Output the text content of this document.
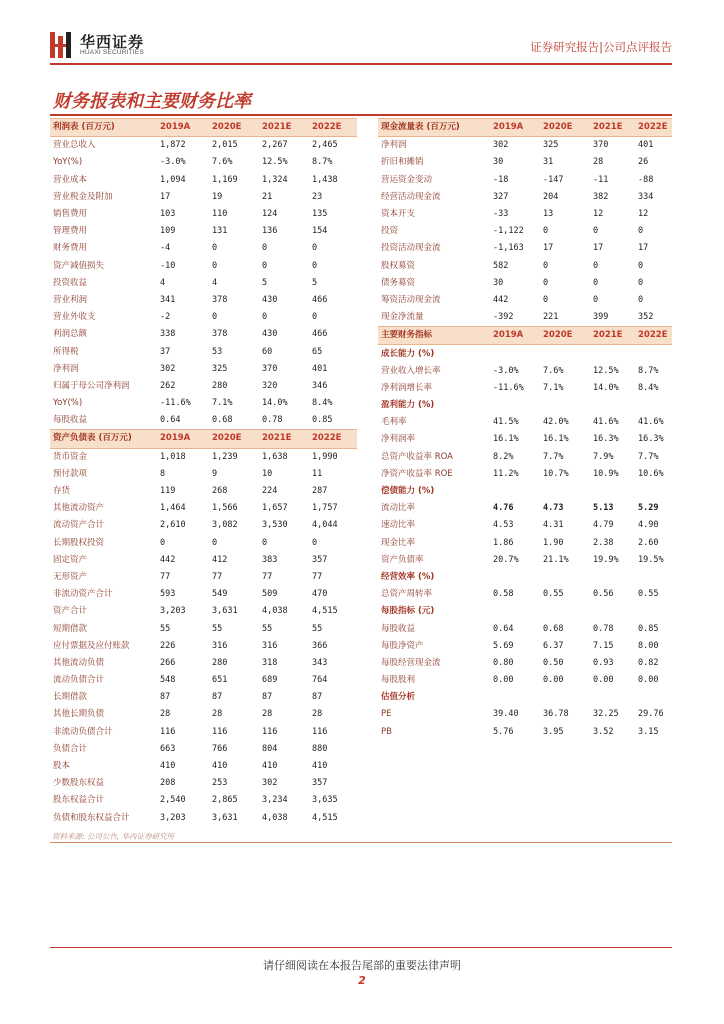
华西证券
HUAXI SECURITIES	证券研究报告|公司点评报告
财务报表和主要财务比率
利润表 (百万元)	2019A	2020E	2021E	2022E
营业总收入	1,872	2,015	2,267	2,465
YoY(%)	-3.0%	7.6%	12.5%	8.7%
营业成本	1,094	1,169	1,324	1,438
营业税金及附加	17	19	21	23
销售费用	103	110	124	135
管理费用	109	131	136	154
财务费用	-4	0	0	0
资产减值损失	-10	0	0	0
投资收益	4	4	5	5
营业利润	341	378	430	466
营业外收支	-2	0	0	0
利润总额	338	378	430	466
所得税	37	53	60	65
净利润	302	325	370	401
归属于母公司净利润	262	280	320	346
YoY(%)	-11.6%	7.1%	14.0%	8.4%
每股收益	0.64	0.68	0.78	0.85
资产负债表 (百万元)	2019A	2020E	2021E	2022E
货币资金	1,018	1,239	1,638	1,990
预付款项	8	9	10	11
存货	119	268	224	287
其他流动资产	1,464	1,566	1,657	1,757
流动资产合计	2,610	3,082	3,530	4,044
长期股权投资	0	0	0	0
固定资产	442	412	383	357
无形资产	77	77	77	77
非流动资产合计	593	549	509	470
资产合计	3,203	3,631	4,038	4,515
短期借款	55	55	55	55
应付票据及应付账款	226	316	316	366
其他流动负债	266	280	318	343
流动负债合计	548	651	689	764
长期借款	87	87	87	87
其他长期负债	28	28	28	28
非流动负债合计	116	116	116	116
负债合计	663	766	804	880
股本	410	410	410	410
少数股东权益	208	253	302	357
股东权益合计	2,540	2,865	3,234	3,635
负债和股东权益合计	3,203	3,631	4,038	4,515
现金流量表 (百万元)	2019A	2020E	2021E	2022E
净利润	302	325	370	401
折旧和摊销	30	31	28	26
营运资金变动	-18	-147	-11	-88
经营活动现金流	327	204	382	334
资本开支	-33	13	12	12
投资	-1,122	0	0	0
投资活动现金流	-1,163	17	17	17
股权募资	582	0	0	0
债务募资	30	0	0	0
筹资活动现金流	442	0	0	0
现金净流量	-392	221	399	352
主要财务指标	2019A	2020E	2021E	2022E
成长能力 (%)				
营业收入增长率	-3.0%	7.6%	12.5%	8.7%
净利润增长率	-11.6%	7.1%	14.0%	8.4%
盈利能力 (%)				
毛利率	41.5%	42.0%	41.6%	41.6%
净利润率	16.1%	16.1%	16.3%	16.3%
总资产收益率 ROA	8.2%	7.7%	7.9%	7.7%
净资产收益率 ROE	11.2%	10.7%	10.9%	10.6%
偿债能力 (%)				
流动比率	4.76	4.73	5.13	5.29
速动比率	4.53	4.31	4.79	4.90
现金比率	1.86	1.90	2.38	2.60
资产负债率	20.7%	21.1%	19.9%	19.5%
经营效率 (%)				
总资产周转率	0.58	0.55	0.56	0.55
每股指标 (元)				
每股收益	0.64	0.68	0.78	0.85
每股净资产	5.69	6.37	7.15	8.00
每股经营现金流	0.80	0.50	0.93	0.82
每股股利	0.00	0.00	0.00	0.00
估值分析				
PE	39.40	36.78	32.25	29.76
PB	5.76	3.95	3.52	3.15
资料来源: 公司公告, 华西证券研究所
请仔细阅读在本报告尾部的重要法律声明
2
